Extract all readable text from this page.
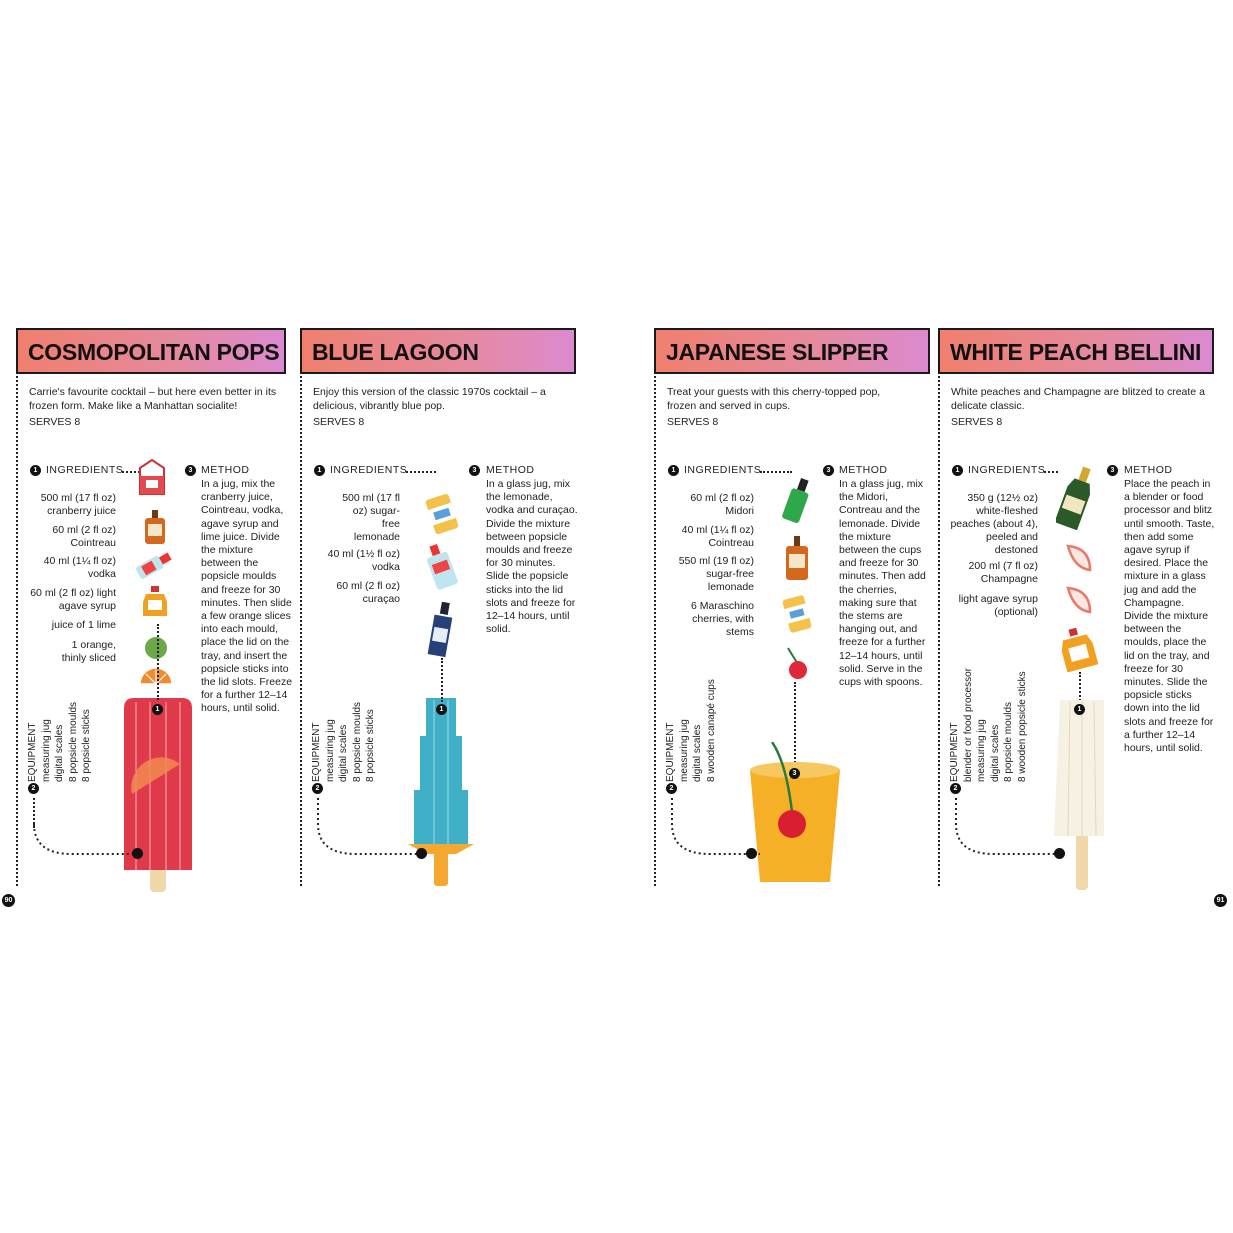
COSMOPOLITAN POPS
Carrie's favourite cocktail – but here even better in its frozen form. Make like a Manhattan socialite!
SERVES 8
1 INGREDIENTS
500 ml (17 fl oz) cranberry juice
60 ml (2 fl oz) Cointreau
40 ml (1¼ fl oz) vodka
60 ml (2 fl oz) light agave syrup
juice of 1 lime
1 orange, thinly sliced
3 METHOD

In a jug, mix the cranberry juice, Cointreau, vodka, agave syrup and lime juice. Divide the mixture between the popsicle moulds and freeze for 30 minutes. Then slide a few orange slices into each mould, place the lid on the tray, and insert the popsicle sticks into the lid slots. Freeze for a further 12–14 hours, until solid.

1
EQUIPMENT measuring jug digital scales 8 popsicle moulds 8 popsicle sticks
2
BLUE LAGOON
Enjoy this version of the classic 1970s cocktail – a delicious, vibrantly blue pop.
SERVES 8
1 INGREDIENTS
500 ml (17 fl oz) sugar-free lemonade
40 ml (1½ fl oz) vodka
60 ml (2 fl oz) curaçao
3 METHOD

In a glass jug, mix the lemonade, vodka and curaçao. Divide the mixture between popsicle moulds and freeze for 30 minutes. Slide the popsicle sticks into the lid slots and freeze for 12–14 hours, until solid.

1
EQUIPMENT measuring jug digital scales 8 popsicle moulds 8 popsicle sticks
2
JAPANESE SLIPPER
Treat your guests with this cherry-topped pop, frozen and served in cups.
SERVES 8
1 INGREDIENTS
60 ml (2 fl oz) Midori
40 ml (1¼ fl oz) Cointreau
550 ml (19 fl oz) sugar-free lemonade
6 Maraschino cherries, with stems
3 METHOD

In a glass jug, mix the Midori, Contreau and the lemonade. Divide the mixture between the cups and freeze for 30 minutes. Then add the cherries, making sure that the stems are hanging out, and freeze for a further 12–14 hours, until solid. Serve in the cups with spoons.

3
EQUIPMENT measuring jug digital scales 8 wooden canapé cups
2
WHITE PEACH BELLINI
White peaches and Champagne are blitzed to create a delicate classic.
SERVES 8
1 INGREDIENTS
350 g (12½ oz) white-fleshed peaches (about 4), peeled and destoned
200 ml (7 fl oz) Champagne
light agave syrup (optional)
3 METHOD

Place the peach in a blender or food processor and blitz until smooth. Taste, then add some agave syrup if desired. Place the mixture in a glass jug and add the Champagne. Divide the mixture between the moulds, place the lid on the tray, and freeze for 30 minutes. Slide the popsicle sticks down into the lid slots and freeze for a further 12–14 hours, until solid.

1
EQUIPMENT blender or food processor measuring jug digital scales 8 popsicle moulds 8 wooden popsicle sticks
2
90	91
